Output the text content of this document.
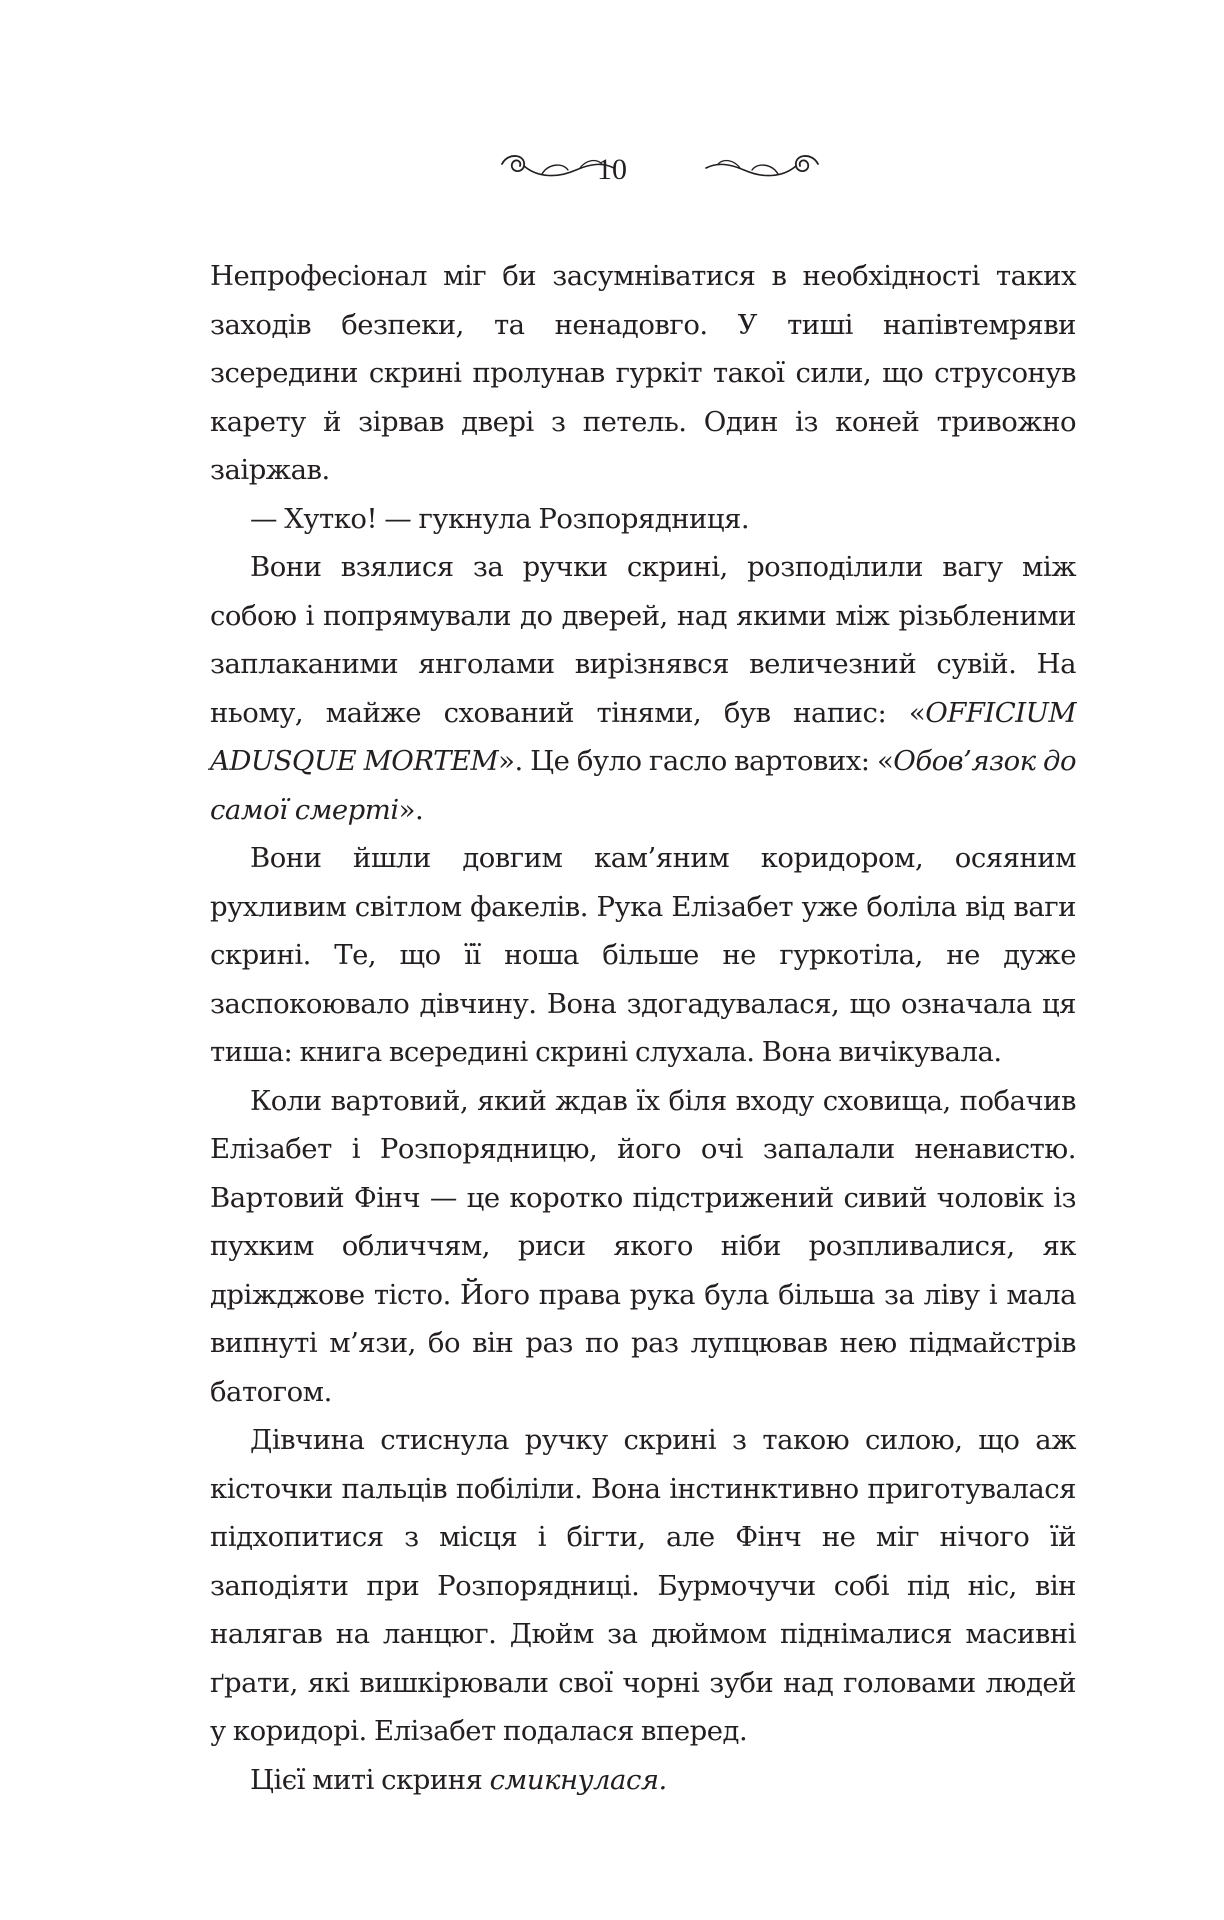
10

Непрофесіонал міг би засумніватися в необхідності таких заходів безпеки, та ненадовго. У тиші напівтемряви зсередини скрині пролунав гуркіт такої сили, що струсонув карету й зірвав двері з петель. Один із коней тривожно заіржав.

— Хутко! — гукнула Розпорядниця.

Вони взялися за ручки скрині, розподілили вагу між собою і попрямували до дверей, над якими між різьбленими заплаканими янголами вирізнявся величезний сувій. На ньому, майже схований тінями, був напис: «OFFICIUM ADUSQUE MORTEM». Це було гасло вартових: «Обов’язок до самої смерті».

Вони йшли довгим кам’яним коридором, осяяним рухливим світлом факелів. Рука Елізабет уже боліла від ваги скрині. Те, що її ноша більше не гуркотіла, не дуже заспокоювало дівчину. Вона здогадувалася, що означала ця тиша: книга всередині скрині слухала. Вона вичікувала.

Коли вартовий, який ждав їх біля входу сховища, побачив Елізабет і Розпорядницю, його очі запалали ненавистю. Вартовий Фінч — це коротко підстрижений сивий чоловік із пухким обличчям, риси якого ніби розпливалися, як дріжджове тісто. Його права рука була більша за ліву і мала випнуті м’язи, бо він раз по раз лупцював нею підмайстрів батогом.

Дівчина стиснула ручку скрині з такою силою, що аж кісточки пальців побіліли. Вона інстинктивно приготувалася підхопитися з місця і бігти, але Фінч не міг нічого їй заподіяти при Розпорядниці. Бурмочучи собі під ніс, він налягав на ланцюг. Дюйм за дюймом піднімалися масивні ґрати, які вишкірювали свої чорні зуби над головами людей у коридорі. Елізабет подалася вперед.

Цієї миті скриня смикнулася.
